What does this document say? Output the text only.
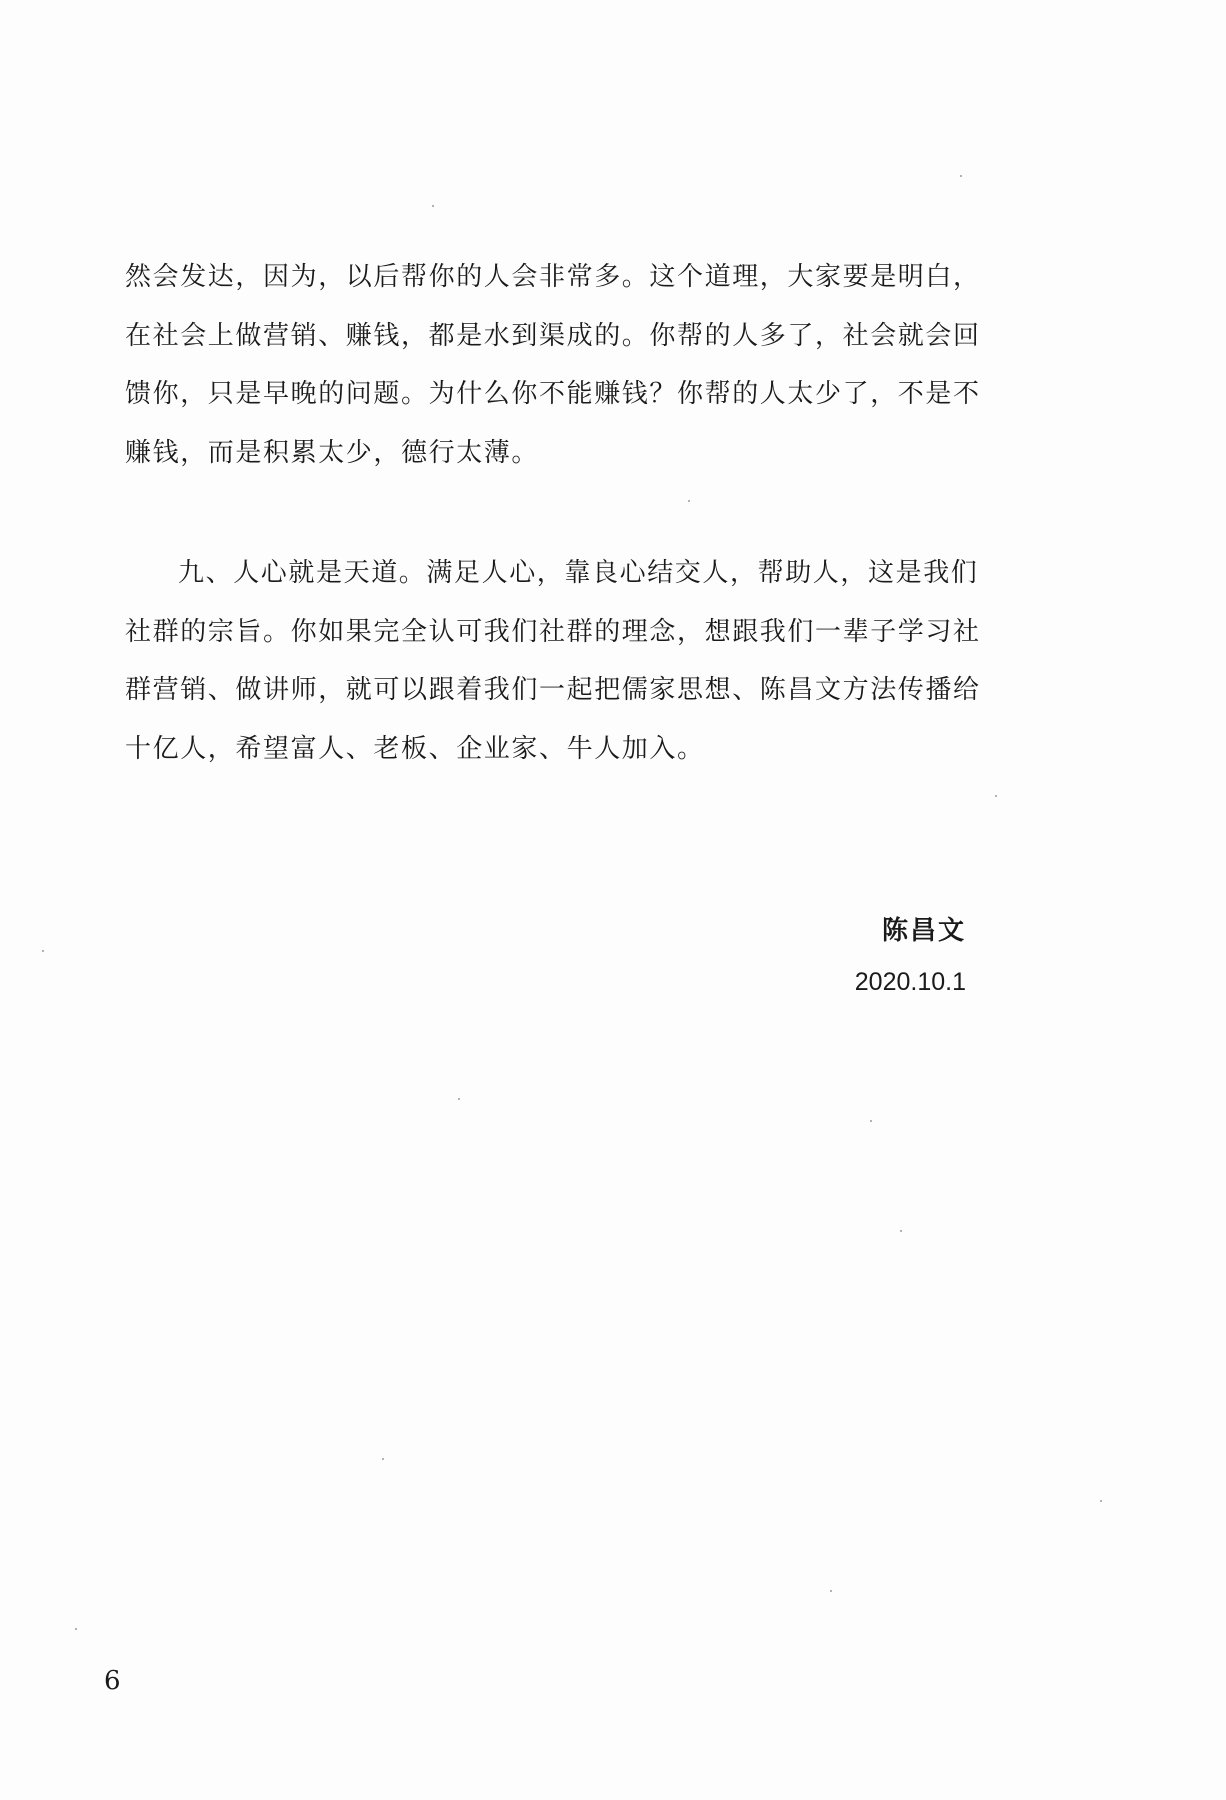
然会发达，因为，以后帮你的人会非常多。这个道理，大家要是明白，
在社会上做营销、赚钱，都是水到渠成的。你帮的人多了，社会就会回
馈你，只是早晚的问题。为什么你不能赚钱？你帮的人太少了，不是不
赚钱，而是积累太少，德行太薄。
九、人心就是天道。满足人心，靠良心结交人，帮助人，这是我们
社群的宗旨。你如果完全认可我们社群的理念，想跟我们一辈子学习社
群营销、做讲师，就可以跟着我们一起把儒家思想、陈昌文方法传播给
十亿人，希望富人、老板、企业家、牛人加入。
陈昌文
2020.10.1
6
